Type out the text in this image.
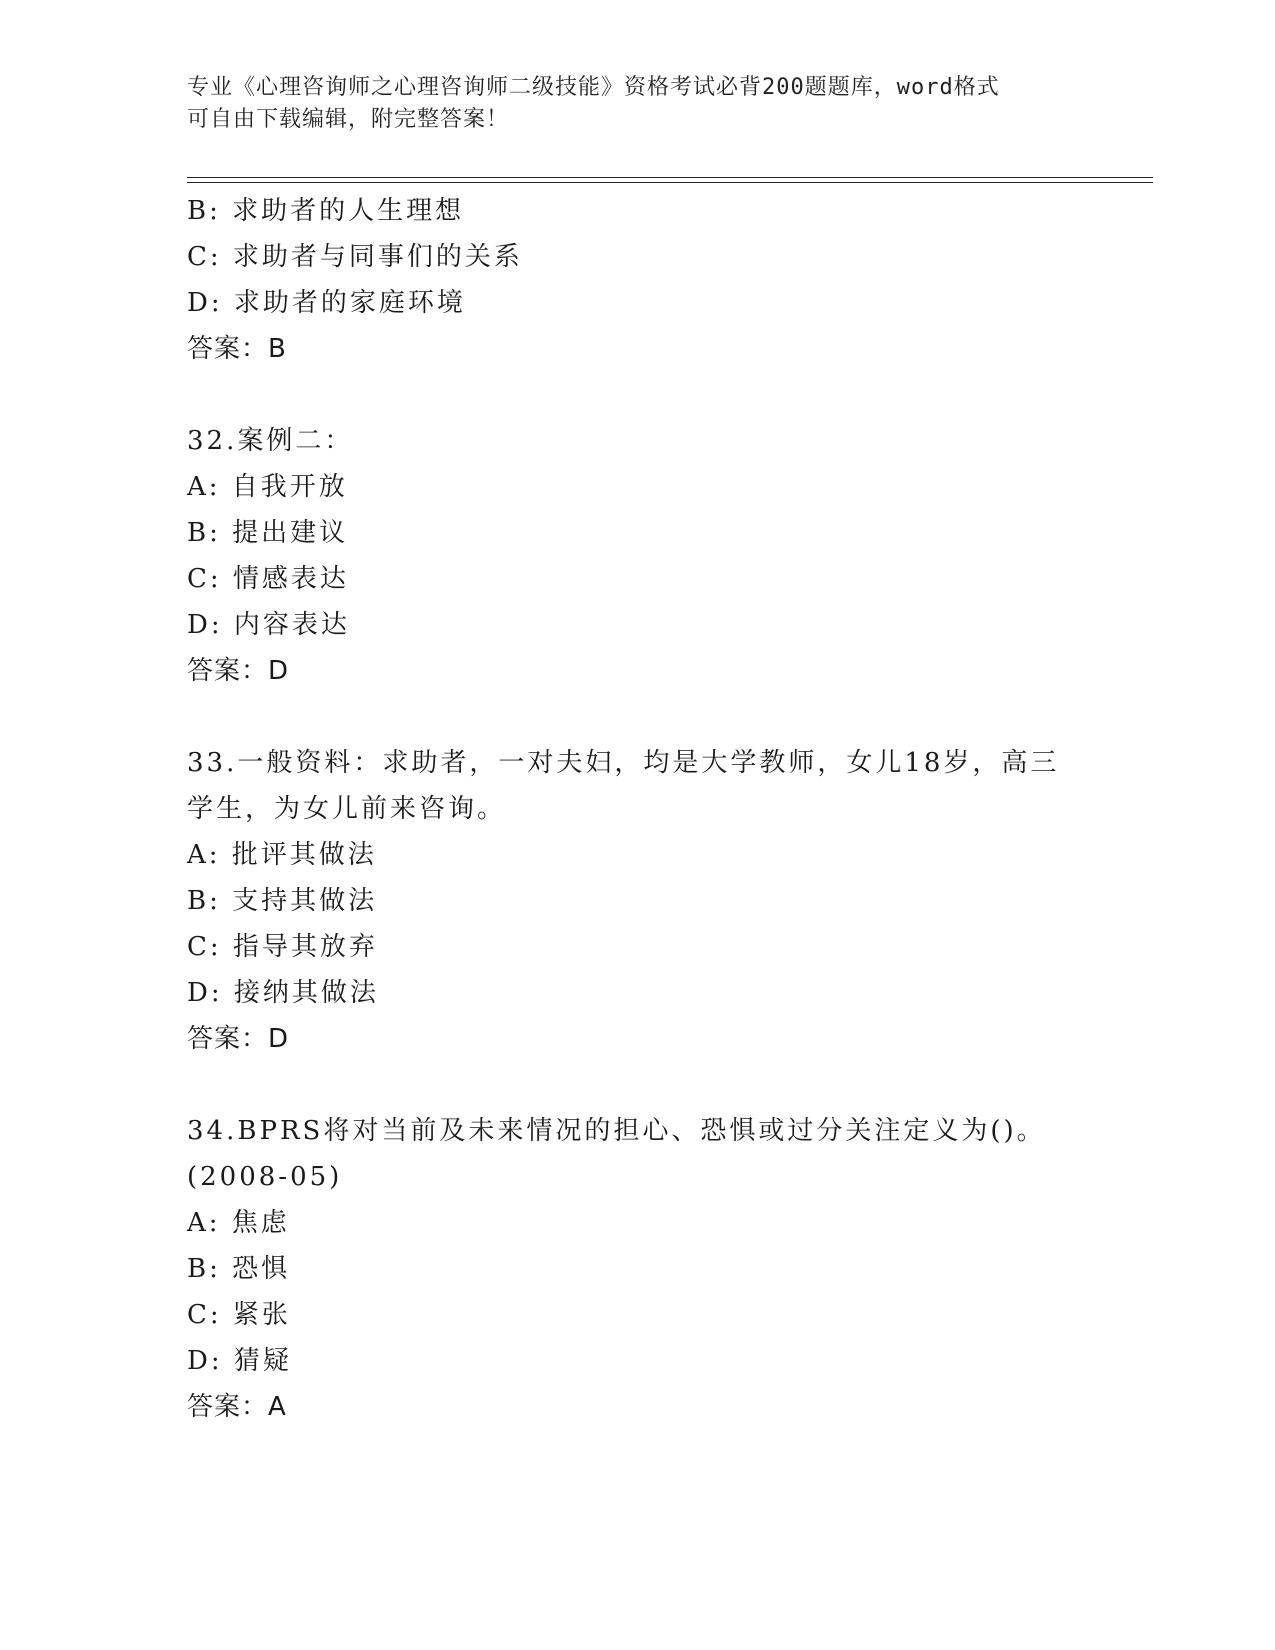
专业《心理咨询师之心理咨询师二级技能》资格考试必背200题题库，word格式
可自由下载编辑，附完整答案！
B: 求助者的人生理想
C: 求助者与同事们的关系
D: 求助者的家庭环境
答案：B
32.案例二：
A: 自我开放
B: 提出建议
C: 情感表达
D: 内容表达
答案：D
33.一般资料：求助者，一对夫妇，均是大学教师，女儿18岁，高三
学生，为女儿前来咨询。
A: 批评其做法
B: 支持其做法
C: 指导其放弃
D: 接纳其做法
答案：D
34.BPRS将对当前及未来情况的担心、恐惧或过分关注定义为()。
(2008-05)
A: 焦虑
B: 恐惧
C: 紧张
D: 猜疑
答案：A
